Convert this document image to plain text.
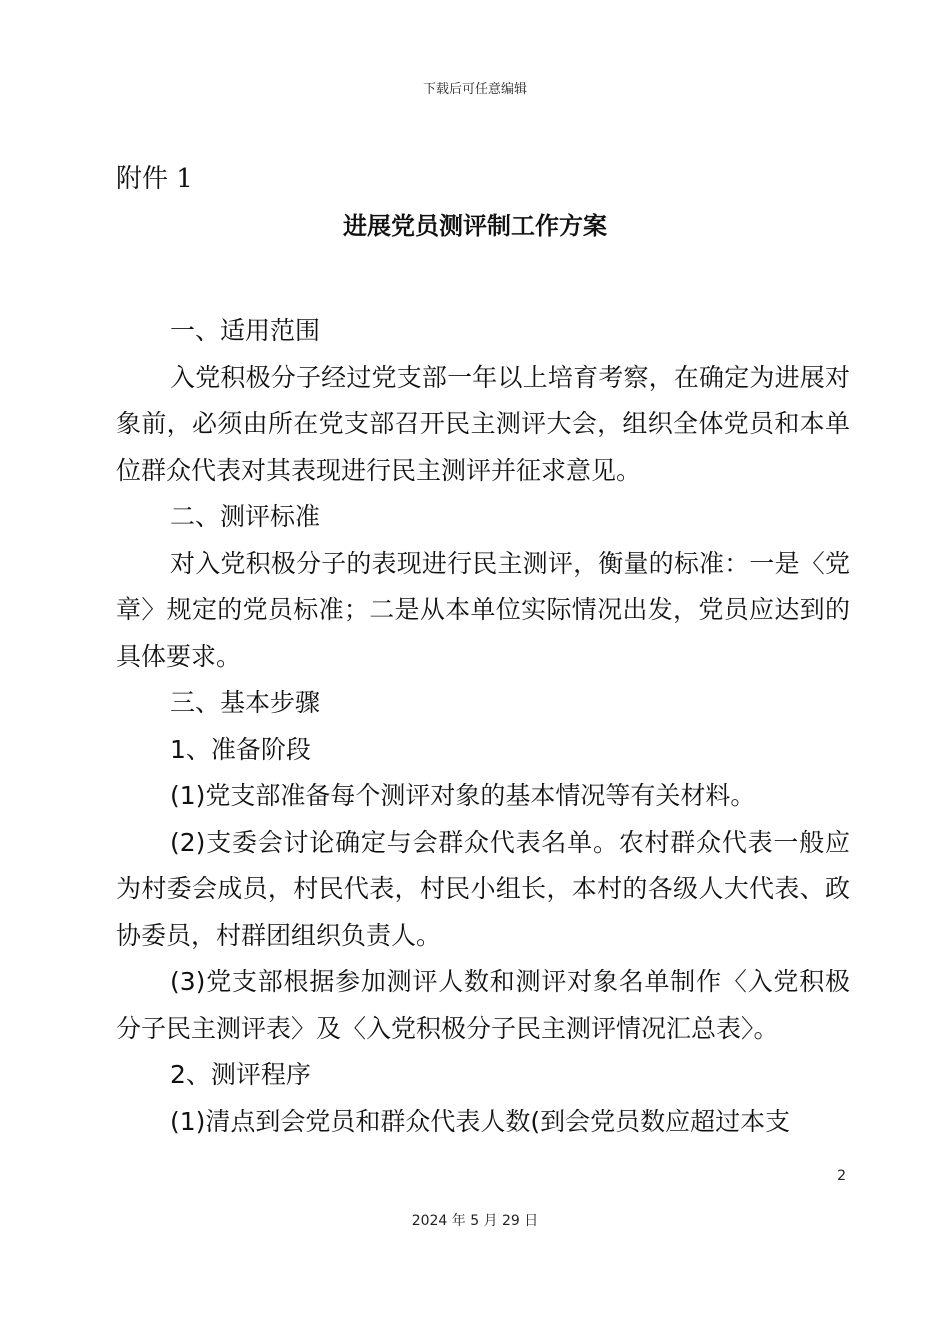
下载后可任意编辑
附件 1
进展党员测评制工作方案

一、适用范围

入党积极分子经过党支部一年以上培育考察，在确定为进展对象前，必须由所在党支部召开民主测评大会，组织全体党员和本单位群众代表对其表现进行民主测评并征求意见。

二、测评标准

对入党积极分子的表现进行民主测评，衡量的标准：一是〈党章〉规定的党员标准；二是从本单位实际情况出发，党员应达到的具体要求。

三、基本步骤

1、准备阶段

(1)党支部准备每个测评对象的基本情况等有关材料。

(2)支委会讨论确定与会群众代表名单。农村群众代表一般应为村委会成员，村民代表，村民小组长，本村的各级人大代表、政协委员，村群团组织负责人。

(3)党支部根据参加测评人数和测评对象名单制作〈入党积极分子民主测评表〉及〈入党积极分子民主测评情况汇总表〉。

2、测评程序

(1)清点到会党员和群众代表人数(到会党员数应超过本支

2
2024 年 5 月 29 日
